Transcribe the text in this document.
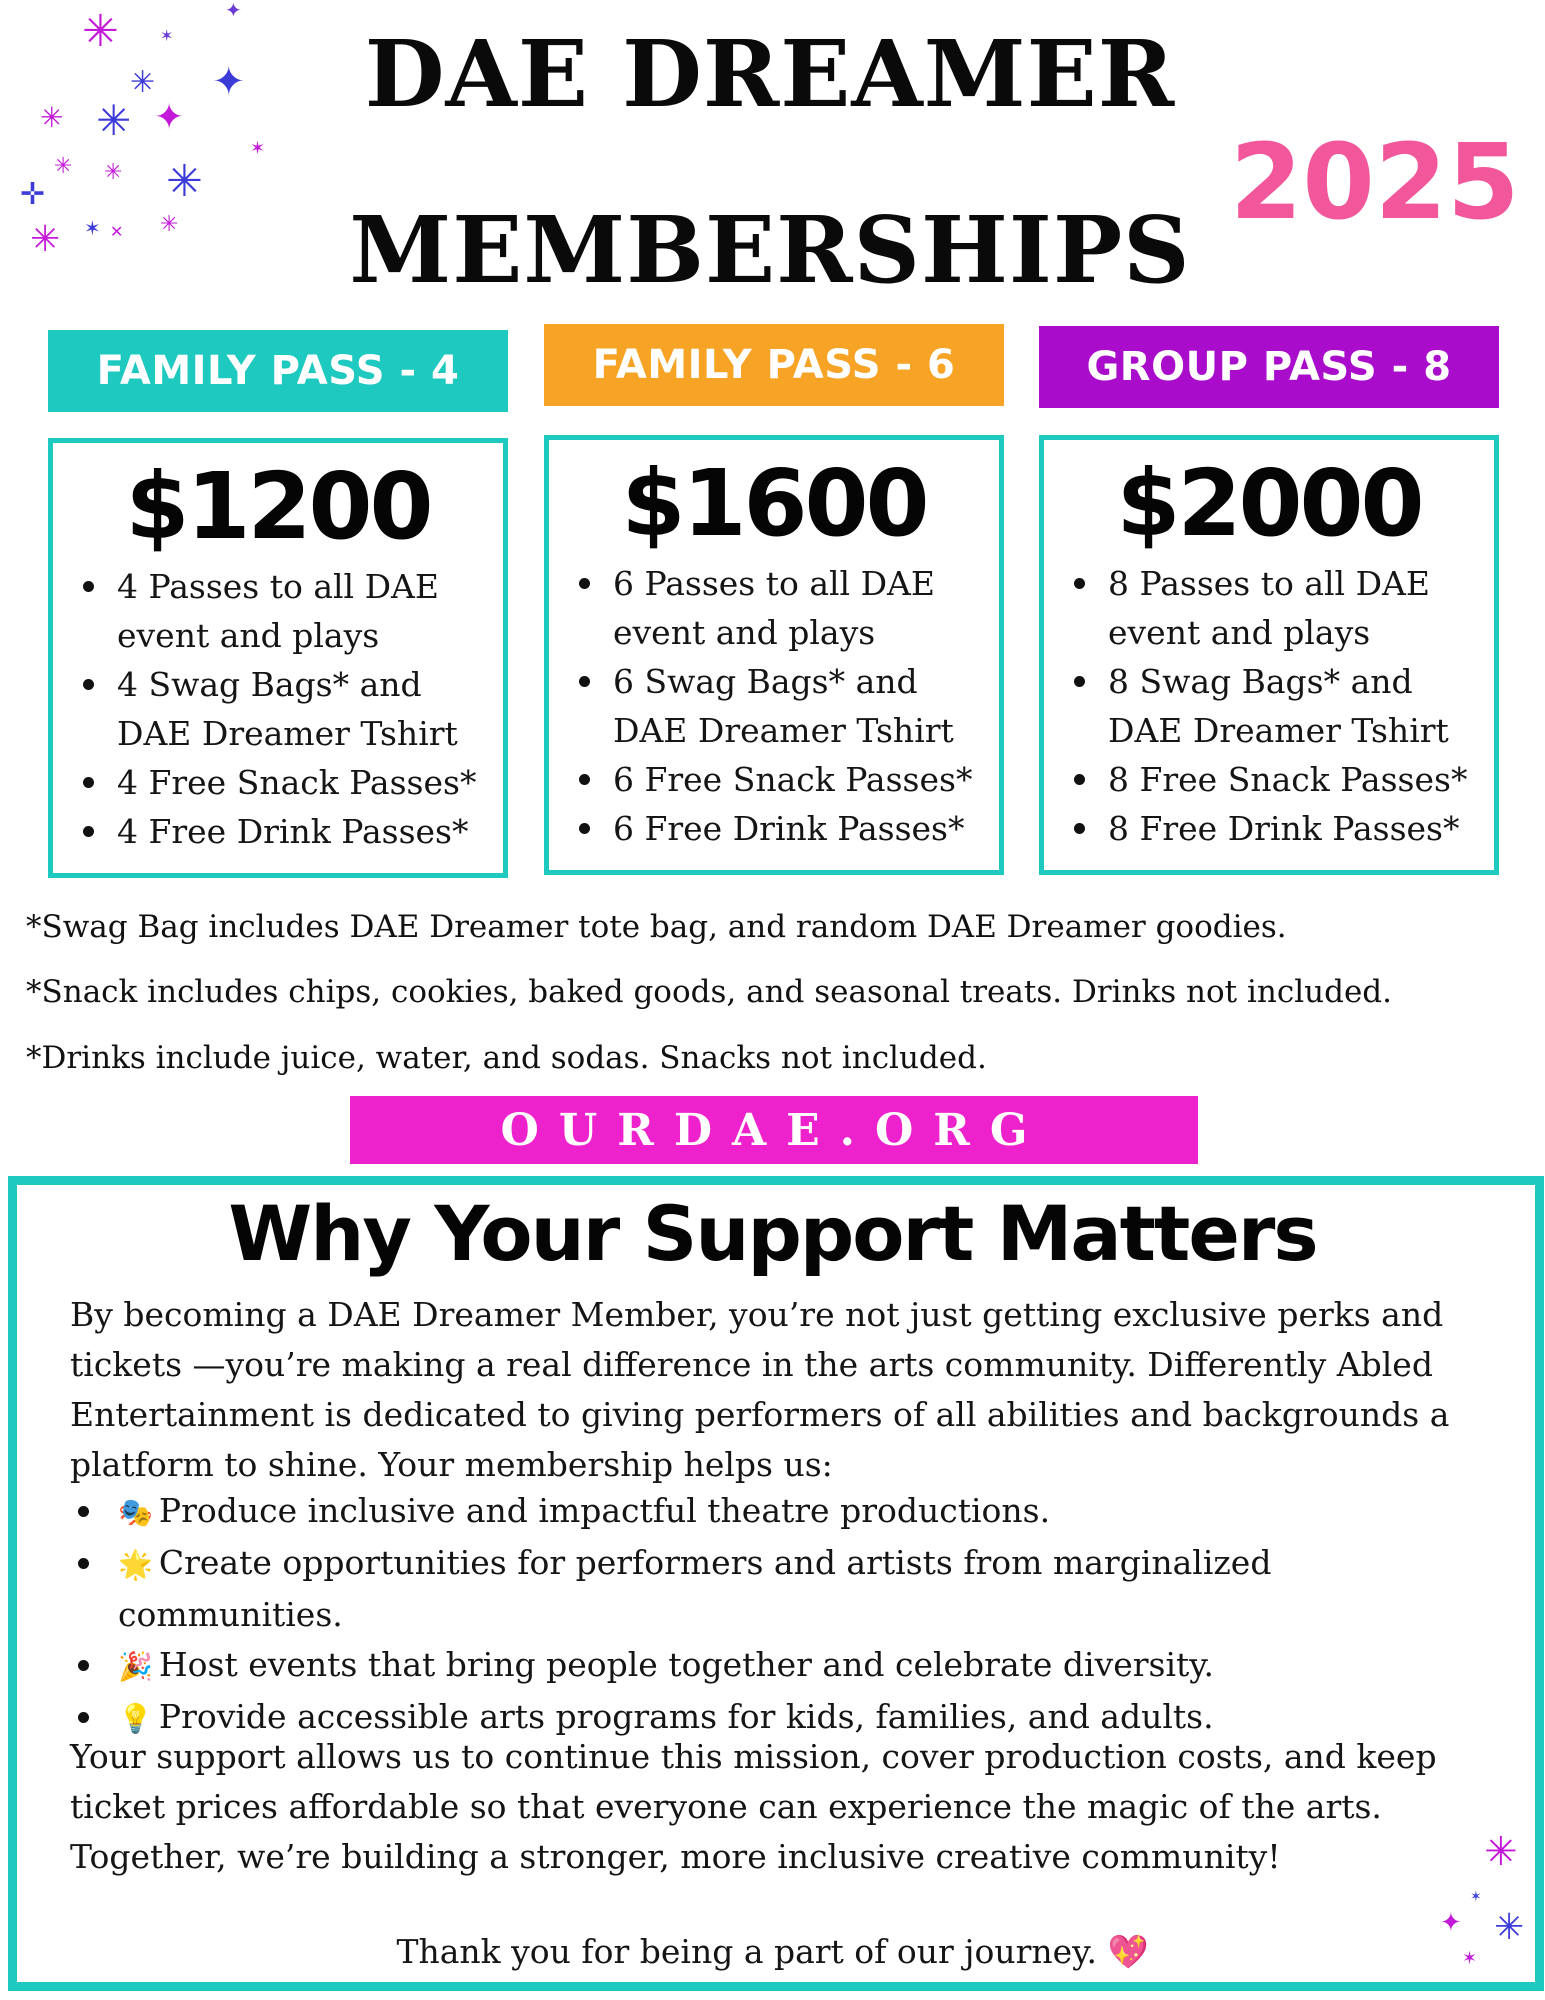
✳	✦
✶
✦
✳
✳
✳	✦
✶
✳ ✳ ✳
✛
✳ ✶ ✕ ✳
DAE DREAMER
MEMBERSHIPS
2025
FAMILY PASS - 4
$1200
4 Passes to all DAE event and plays
4 Swag Bags* and DAE Dreamer Tshirt
4 Free Snack Passes*
4 Free Drink Passes*
FAMILY PASS - 6
$1600
6 Passes to all DAE event and plays
6 Swag Bags* and DAE Dreamer Tshirt
6 Free Snack Passes*
6 Free Drink Passes*
GROUP PASS - 8
$2000
8 Passes to all DAE event and plays
8 Swag Bags* and DAE Dreamer Tshirt
8 Free Snack Passes*
8 Free Drink Passes*
*Swag Bag includes DAE Dreamer tote bag, and random DAE Dreamer goodies.
*Snack includes chips, cookies, baked goods, and seasonal treats. Drinks not included.
*Drinks include juice, water, and sodas. Snacks not included.
OURDAE.ORG
Why Your Support Matters
By becoming a DAE Dreamer Member, you’re not just getting exclusive perks and tickets —you’re making a real difference in the arts community. Differently Abled Entertainment is dedicated to giving performers of all abilities and backgrounds a platform to shine. Your membership helps us:
🎭 Produce inclusive and impactful theatre productions.
🌟 Create opportunities for performers and artists from marginalized communities.
🎉 Host events that bring people together and celebrate diversity.
💡 Provide accessible arts programs for kids, families, and adults.
Your support allows us to continue this mission, cover production costs, and keep ticket prices affordable so that everyone can experience the magic of the arts. Together, we’re building a stronger, more inclusive creative community!
Thank you for being a part of our journey. 💖
✳
✶
✦ ✳
✶
